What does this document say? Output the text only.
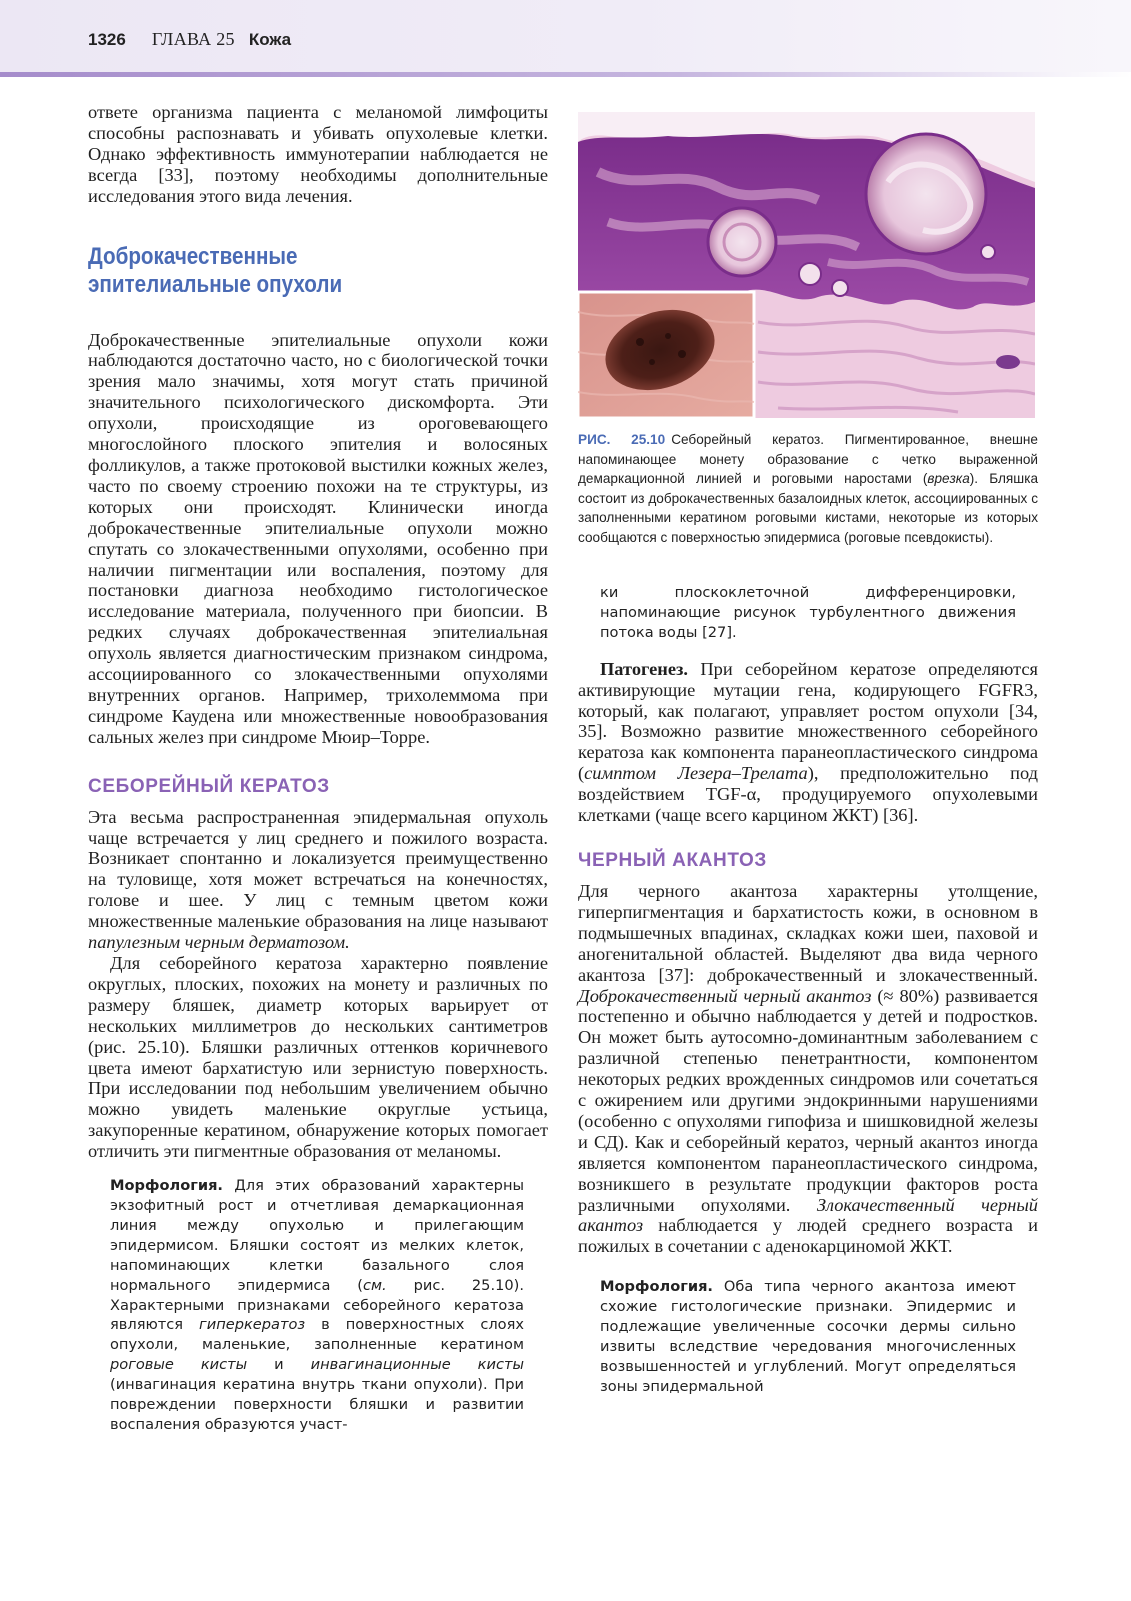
1326 ГЛАВА 25 Кожа

ответе организма пациента с меланомой лимфоциты способны распознавать и убивать опухолевые клетки. Однако эффективность иммунотерапии наблюдается не всегда [33], поэтому необходимы дополнительные исследования этого вида лечения.

Доброкачественные
эпителиальные опухоли

Доброкачественные эпителиальные опухоли кожи наблюдаются достаточно часто, но с биологической точки зрения мало значимы, хотя могут стать причиной значительного психологического дискомфорта. Эти опухоли, происходящие из ороговевающего многослойного плоского эпителия и волосяных фолликулов, а также протоковой выстилки кожных желез, часто по своему строению похожи на те структуры, из которых они происходят. Клинически иногда доброкачественные эпителиальные опухоли можно спутать со злокачественными опухолями, особенно при наличии пигментации или воспаления, поэтому для постановки диагноза необходимо гистологическое исследование материала, полученного при биопсии. В редких случаях доброкачественная эпителиальная опухоль является диагностическим признаком синдрома, ассоциированного со злокачественными опухолями внутренних органов. Например, трихолеммома при синдроме Каудена или множественные новообразования сальных желез при синдроме Мюир–Торре.

СЕБОРЕЙНЫЙ КЕРАТОЗ

Эта весьма распространенная эпидермальная опухоль чаще встречается у лиц среднего и пожилого возраста. Возникает спонтанно и локализуется преимущественно на туловище, хотя может встречаться на конечностях, голове и шее. У лиц с темным цветом кожи множественные маленькие образования на лице называют папулезным черным дерматозом.

Для себорейного кератоза характерно появление округлых, плоских, похожих на монету и различных по размеру бляшек, диаметр которых варьирует от нескольких миллиметров до нескольких сантиметров (рис. 25.10). Бляшки различных оттенков коричневого цвета имеют бархатистую или зернистую поверхность. При исследовании под небольшим увеличением обычно можно увидеть маленькие округлые устьица, закупоренные кератином, обнаружение которых помогает отличить эти пигментные образования от меланомы.

Морфология. Для этих образований характерны экзофитный рост и отчетливая демаркационная линия между опухолью и прилегающим эпидермисом. Бляшки состоят из мелких клеток, напоминающих клетки базального слоя нормального эпидермиса (см. рис. 25.10). Характерными признаками себорейного кератоза являются гиперкератоз в поверхностных слоях опухоли, маленькие, заполненные кератином роговые кисты и инвагинационные кисты (инвагинация кератина внутрь ткани опухоли). При повреждении поверхности бляшки и развитии воспаления образуются участ-

РИС. 25.10 Себорейный кератоз. Пигментированное, внешне напоминающее монету образование с четко выраженной демаркационной линией и роговыми наростами (врезка). Бляшка состоит из доброкачественных базалоидных клеток, ассоциированных с заполненными кератином роговыми кистами, некоторые из которых сообщаются с поверхностью эпидермиса (роговые псевдокисты).

ки плоскоклеточной дифференцировки, напоминающие рисунок турбулентного движения потока воды [27].

Патогенез. При себорейном кератозе определяются активирующие мутации гена, кодирующего FGFR3, который, как полагают, управляет ростом опухоли [34, 35]. Возможно развитие множественного себорейного кератоза как компонента паранеопластического синдрома (симптом Лезера–Трелата), предположительно под воздействием TGF-α, продуцируемого опухолевыми клетками (чаще всего карцином ЖКТ) [36].

ЧЕРНЫЙ АКАНТОЗ

Для черного акантоза характерны утолщение, гиперпигментация и бархатистость кожи, в основном в подмышечных впадинах, складках кожи шеи, паховой и аногенитальной областей. Выделяют два вида черного акантоза [37]: доброкачественный и злокачественный. Доброкачественный черный акантоз (≈ 80%) развивается постепенно и обычно наблюдается у детей и подростков. Он может быть аутосомно-доминантным заболеванием с различной степенью пенетрантности, компонентом некоторых редких врожденных синдромов или сочетаться с ожирением или другими эндокринными нарушениями (особенно с опухолями гипофиза и шишковидной железы и СД). Как и себорейный кератоз, черный акантоз иногда является компонентом паранеопластического синдрома, возникшего в результате продукции факторов роста различными опухолями. Злокачественный черный акантоз наблюдается у людей среднего возраста и пожилых в сочетании с аденокарциномой ЖКТ.

Морфология. Оба типа черного акантоза имеют схожие гистологические признаки. Эпидермис и подлежащие увеличенные сосочки дермы сильно извиты вследствие чередования многочисленных возвышенностей и углублений. Могут определяться зоны эпидермальной
